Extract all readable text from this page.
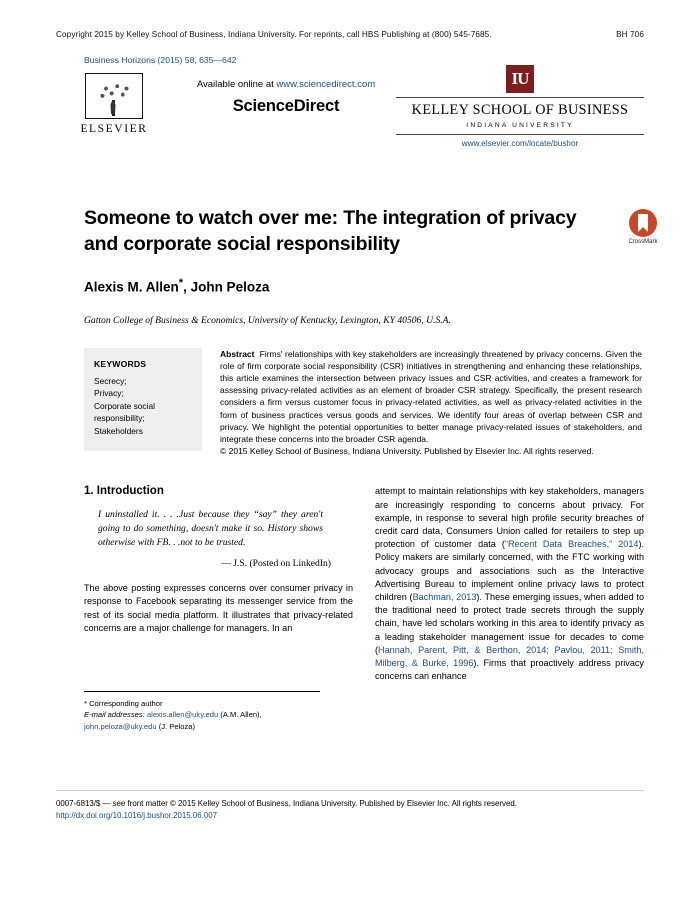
Copyright 2015 by Kelley School of Business, Indiana University. For reprints, call HBS Publishing at (800) 545-7685.	BH 706
Business Horizons (2015) 58, 635—642
ELSEVIER
Available online at www.sciencedirect.com
ScienceDirect
IU
KELLEY SCHOOL OF BUSINESS
INDIANA UNIVERSITY
www.elsevier.com/locate/bushor
Someone to watch over me: The integration of privacy and corporate social responsibility	CrossMark
Alexis M. Allen*, John Peloza
Gatton College of Business & Economics, University of Kentucky, Lexington, KY 40506, U.S.A.
KEYWORDS
Secrecy;
Privacy;
Corporate social
responsibility;
Stakeholders
Abstract Firms' relationships with key stakeholders are increasingly threatened by privacy concerns. Given the role of firm corporate social responsibility (CSR) initiatives in strengthening and enhancing these relationships, this article examines the intersection between privacy issues and CSR activities, and creates a framework for assessing privacy-related activities as an element of broader CSR strategy. Specifically, the present research considers a firm versus customer focus in privacy-related activities, as well as privacy-related activities in the form of business practices versus goods and services. We identify four areas of overlap between CSR and privacy. We highlight the potential opportunities to better manage privacy-related issues of stakeholders, and integrate these concerns into the broader CSR agenda.
© 2015 Kelley School of Business, Indiana University. Published by Elsevier Inc. All rights reserved.
1. Introduction
I uninstalled it. . . .Just because they “say” they aren't going to do something, doesn't make it so. History shows otherwise with FB. . .not to be trusted.
— J.S. (Posted on LinkedIn)

The above posting expresses concerns over consumer privacy in response to Facebook separating its messenger service from the rest of its social media platform. It illustrates that privacy-related concerns are a major challenge for managers. In an

* Corresponding author
E-mail addresses: alexis.allen@uky.edu (A.M. Allen),
john.peloza@uky.edu (J. Peloza)

attempt to maintain relationships with key stakeholders, managers are increasingly responding to concerns about privacy. For example, in response to several high profile security breaches of credit card data, Consumers Union called for retailers to step up protection of customer data (“Recent Data Breaches,” 2014). Policy makers are similarly concerned, with the FTC working with advocacy groups and associations such as the Interactive Advertising Bureau to implement online privacy laws to protect children (Bachman, 2013). These emerging issues, when added to the traditional need to protect trade secrets through the supply chain, have led scholars working in this area to identify privacy as a leading stakeholder management issue for decades to come (Hannah, Parent, Pitt, & Berthon, 2014; Pavlou, 2011; Smith, Milberg, & Burke, 1996). Firms that proactively address privacy concerns can enhance

0007-6813/$ — see front matter © 2015 Kelley School of Business, Indiana University. Published by Elsevier Inc. All rights reserved.
http://dx.doi.org/10.1016/j.bushor.2015.06.007
